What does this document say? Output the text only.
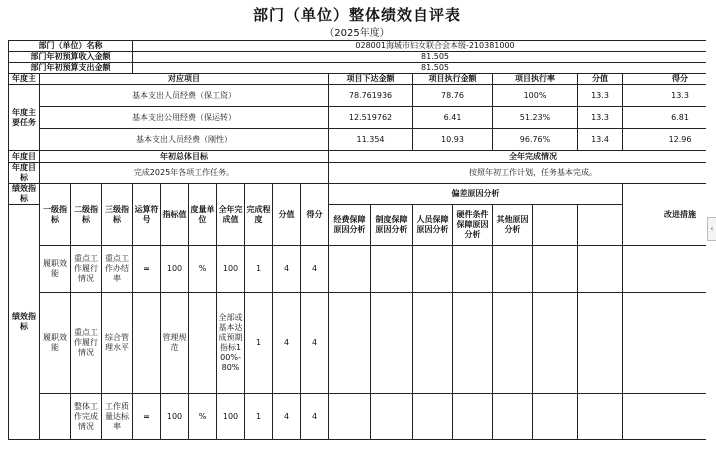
部门（单位）整体绩效自评表
（2025年度）
部门（单位）名称				028001海城市妇女联合会本级-210381000														
部门年初预算收入金额				81.505														
部门年初预算支出金额				81.505														
年度主	对应项目										项目下达金额		项目执行金额		项目执行率		分值	得分
年度主要任务	基本支出人员经费（保工资）										78.761936		78.76		100%		13.3	13.3
	基本支出公用经费（保运转）										12.519762		6.41		51.23%		13.3	6.81
	基本支出人员经费（刚性）										11.354		10.93		96.76%		13.4	12.96
年度目	年初总体目标										全年完成情况							
年度目标	完成2025年各项工作任务。										按照年初工作计划，任务基本完成。							
绩效指标	一级指标	二级指标	三级指标	运算符号	指标值	度量单位	全年完成值	完成程度	分值	得分	偏差原因分析							改进措施
绩效指标											经费保障原因分析	制度保障原因分析	人员保障原因分析	硬件条件保障原因分析	其他原因分析			
	履职效能	重点工作履行情况	重点工作办结率	=	100	%	100	1	4	4								
	履职效能	重点工作履行情况	综合管理水平		管理规范		全部或基本达成预期指标100%-80%	1	4	4								
		整体工作完成情况	工作质量达标率	=	100	%	100	1	4	4								
‹
